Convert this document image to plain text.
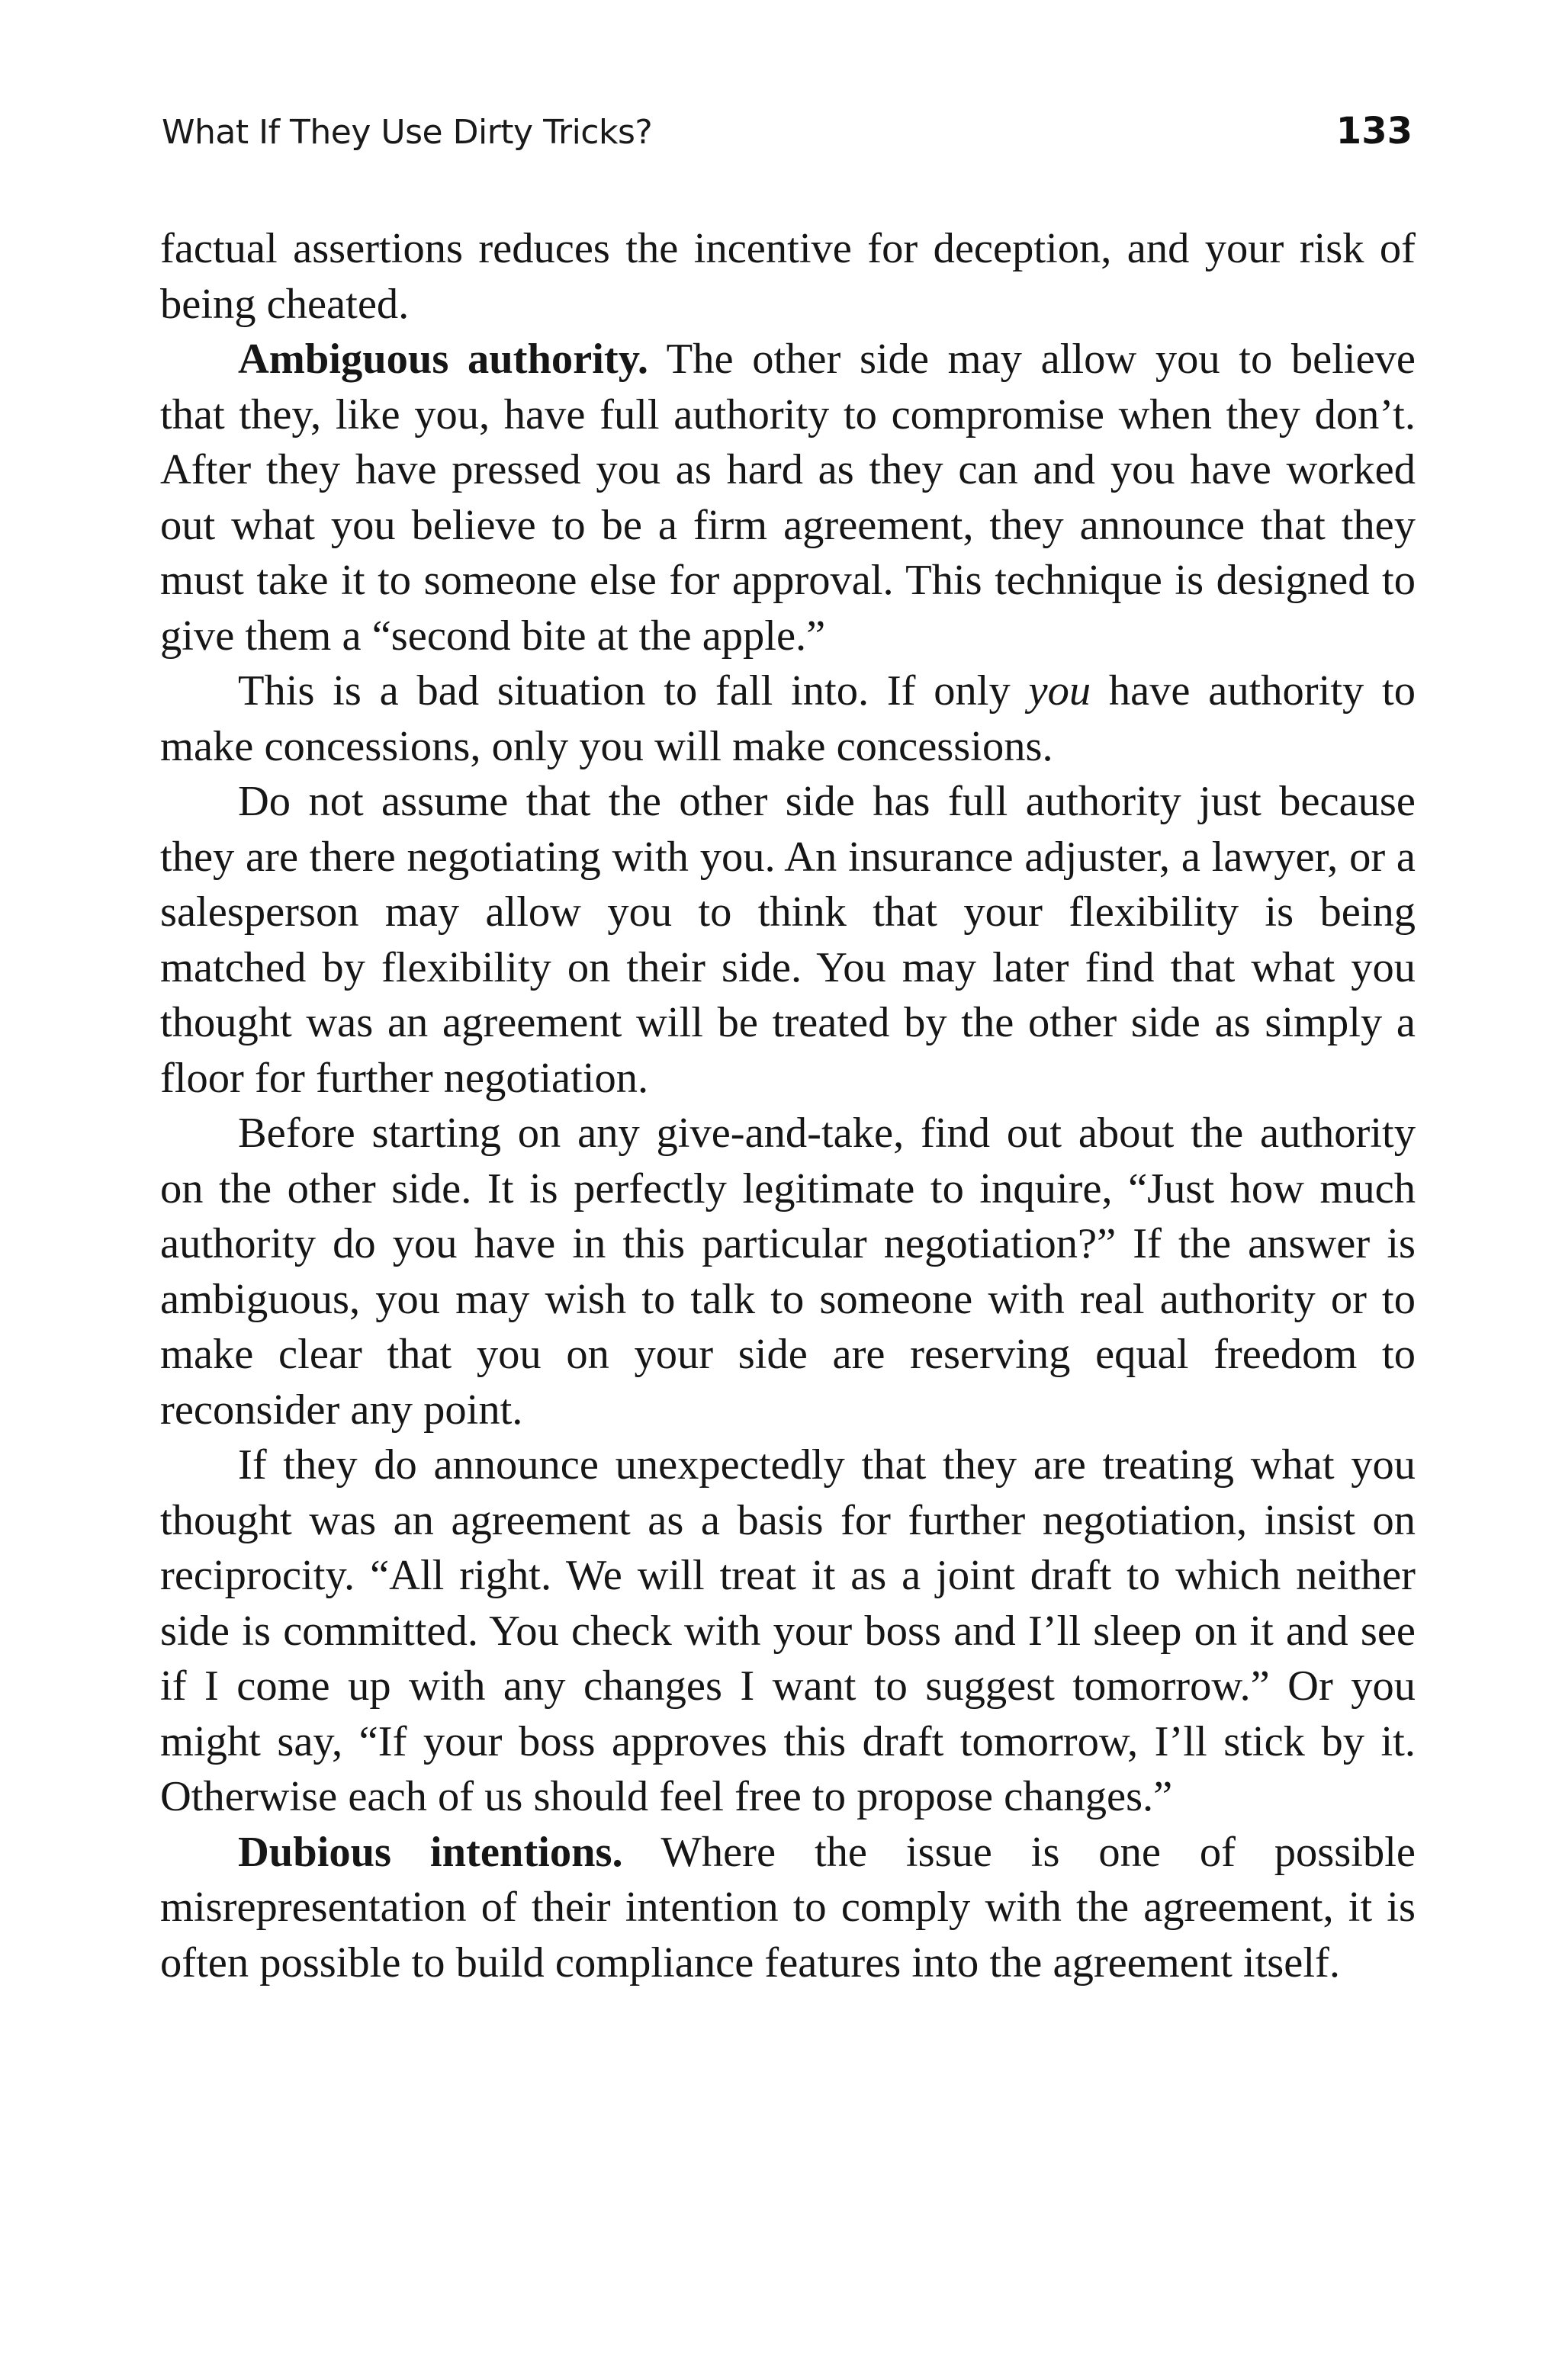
What If They Use Dirty Tricks?	133

factual assertions reduces the incentive for deception, and your risk of being cheated.

Ambiguous authority. The other side may allow you to believe that they, like you, have full authority to compromise when they don’t. After they have pressed you as hard as they can and you have worked out what you believe to be a firm agreement, they announce that they must take it to someone else for approval. This technique is designed to give them a “second bite at the apple.”

This is a bad situation to fall into. If only you have authority to make concessions, only you will make concessions.

Do not assume that the other side has full authority just because they are there negotiating with you. An insurance adjuster, a lawyer, or a salesperson may allow you to think that your flexibility is being matched by flexibility on their side. You may later find that what you thought was an agreement will be treated by the other side as simply a floor for further negotiation.

Before starting on any give-and-take, find out about the authority on the other side. It is perfectly legitimate to inquire, “Just how much authority do you have in this particular negotiation?” If the answer is ambiguous, you may wish to talk to someone with real authority or to make clear that you on your side are reserving equal freedom to reconsider any point.

If they do announce unexpectedly that they are treating what you thought was an agreement as a basis for further negotiation, insist on reciprocity. “All right. We will treat it as a joint draft to which neither side is committed. You check with your boss and I’ll sleep on it and see if I come up with any changes I want to suggest tomorrow.” Or you might say, “If your boss approves this draft tomorrow, I’ll stick by it. Otherwise each of us should feel free to propose changes.”

Dubious intentions. Where the issue is one of possible misrepresentation of their intention to comply with the agreement, it is often possible to build compliance features into the agreement itself.
